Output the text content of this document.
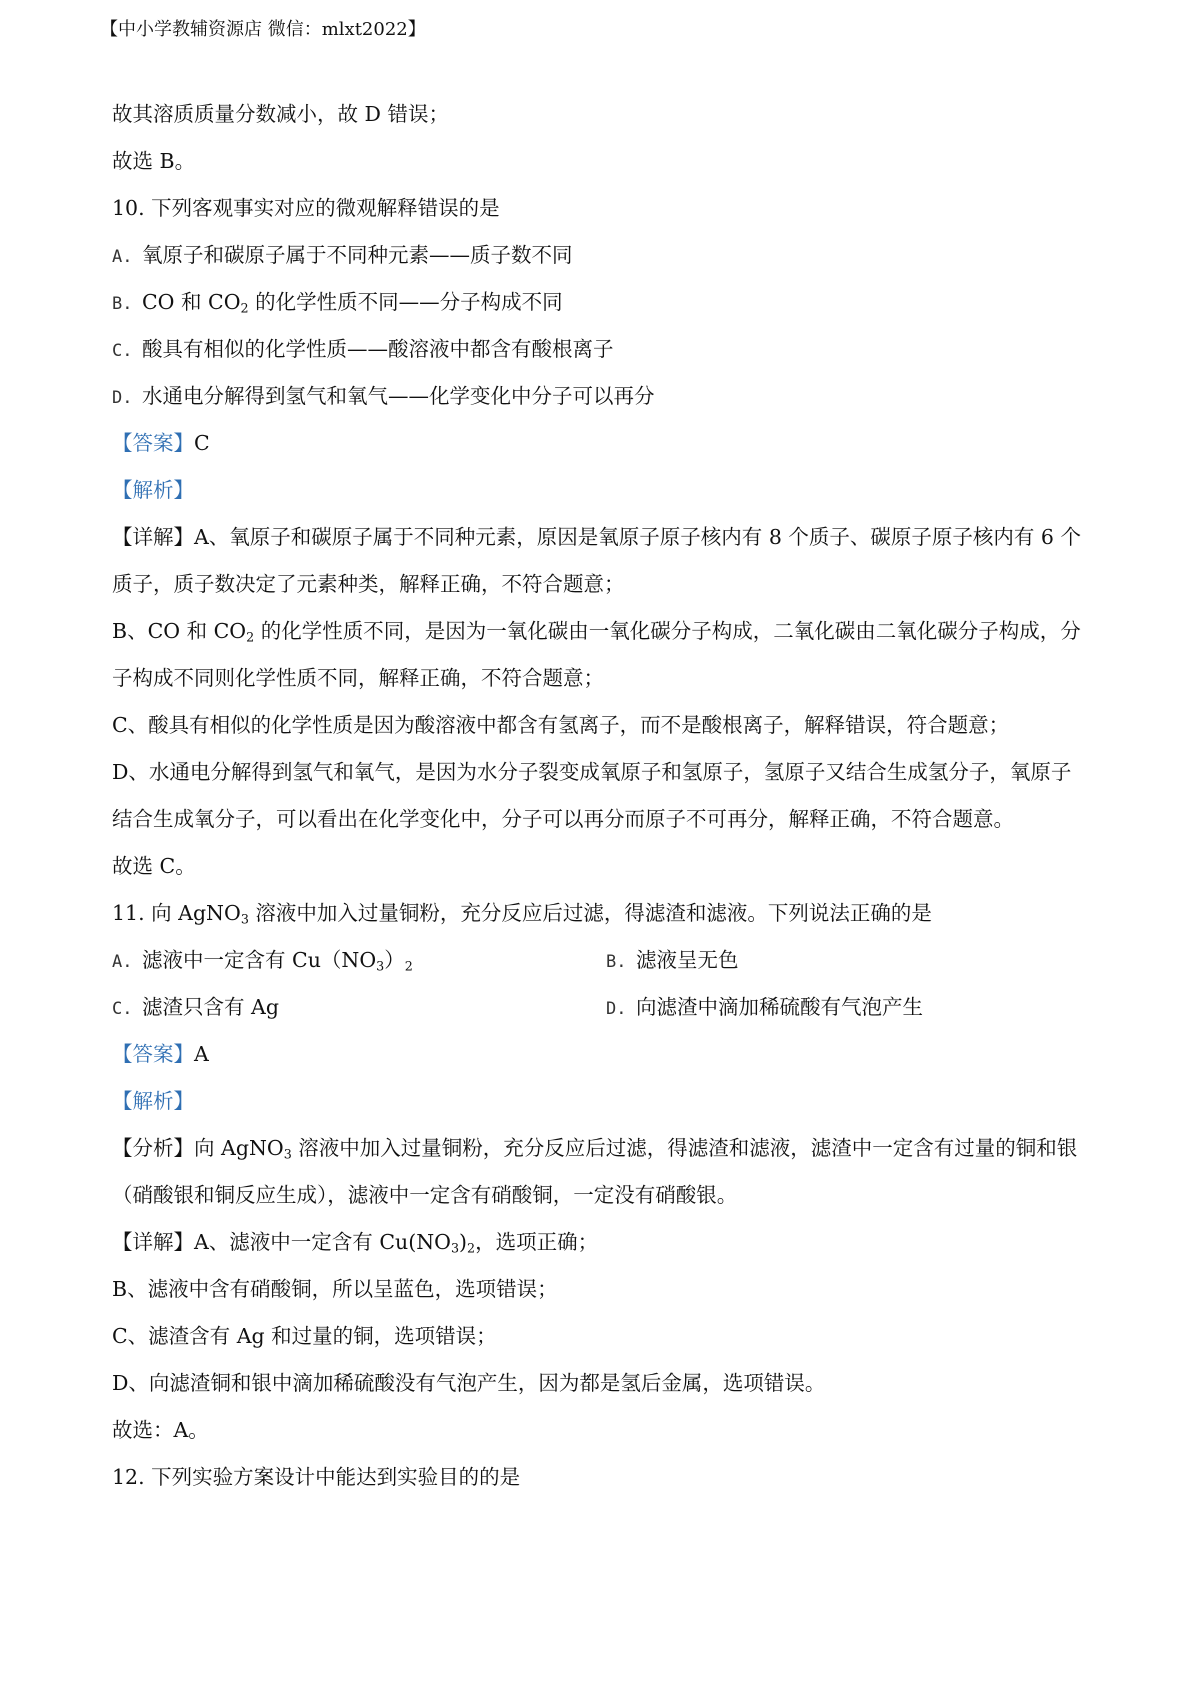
【中小学教辅资源店 微信：mlxt2022】
故其溶质质量分数减小，故 D 错误；
故选 B。
10. 下列客观事实对应的微观解释错误的是
A. 氧原子和碳原子属于不同种元素——质子数不同
B. CO 和 $CO_2$ 的化学性质不同——分子构成不同
C. 酸具有相似的化学性质——酸溶液中都含有酸根离子
D. 水通电分解得到氢气和氧气——化学变化中分子可以再分
【答案】C
【解析】
【详解】A、氧原子和碳原子属于不同种元素，原因是氧原子原子核内有 8 个质子、碳原子原子核内有 6 个
质子，质子数决定了元素种类，解释正确，不符合题意；
B、CO 和 $CO_2$ 的化学性质不同，是因为一氧化碳由一氧化碳分子构成，二氧化碳由二氧化碳分子构成，分
子构成不同则化学性质不同，解释正确，不符合题意；
C、酸具有相似的化学性质是因为酸溶液中都含有氢离子，而不是酸根离子，解释错误，符合题意；
D、水通电分解得到氢气和氧气，是因为水分子裂变成氧原子和氢原子，氢原子又结合生成氢分子，氧原子
结合生成氧分子，可以看出在化学变化中，分子可以再分而原子不可再分，解释正确，不符合题意。
故选 C。
11. 向 AgNO$_3$ 溶液中加入过量铜粉，充分反应后过滤，得滤渣和滤液。下列说法正确的是
A. 滤液中一定含有 $Cu(NO_3)_2$	B. 滤液呈无色
C. 滤渣只含有 Ag	D. 向滤渣中滴加稀硫酸有气泡产生
【答案】A
【解析】
【分析】向 AgNO$_3$ 溶液中加入过量铜粉，充分反应后过滤，得滤渣和滤液，滤渣中一定含有过量的铜和银
（硝酸银和铜反应生成），滤液中一定含有硝酸铜，一定没有硝酸银。
【详解】A、滤液中一定含有 $Cu(NO_3)_2$，选项正确；
B、滤液中含有硝酸铜，所以呈蓝色，选项错误；
C、滤渣含有 Ag 和过量的铜，选项错误；
D、向滤渣铜和银中滴加稀硫酸没有气泡产生，因为都是氢后金属，选项错误。
故选：A。
12. 下列实验方案设计中能达到实验目的的是
